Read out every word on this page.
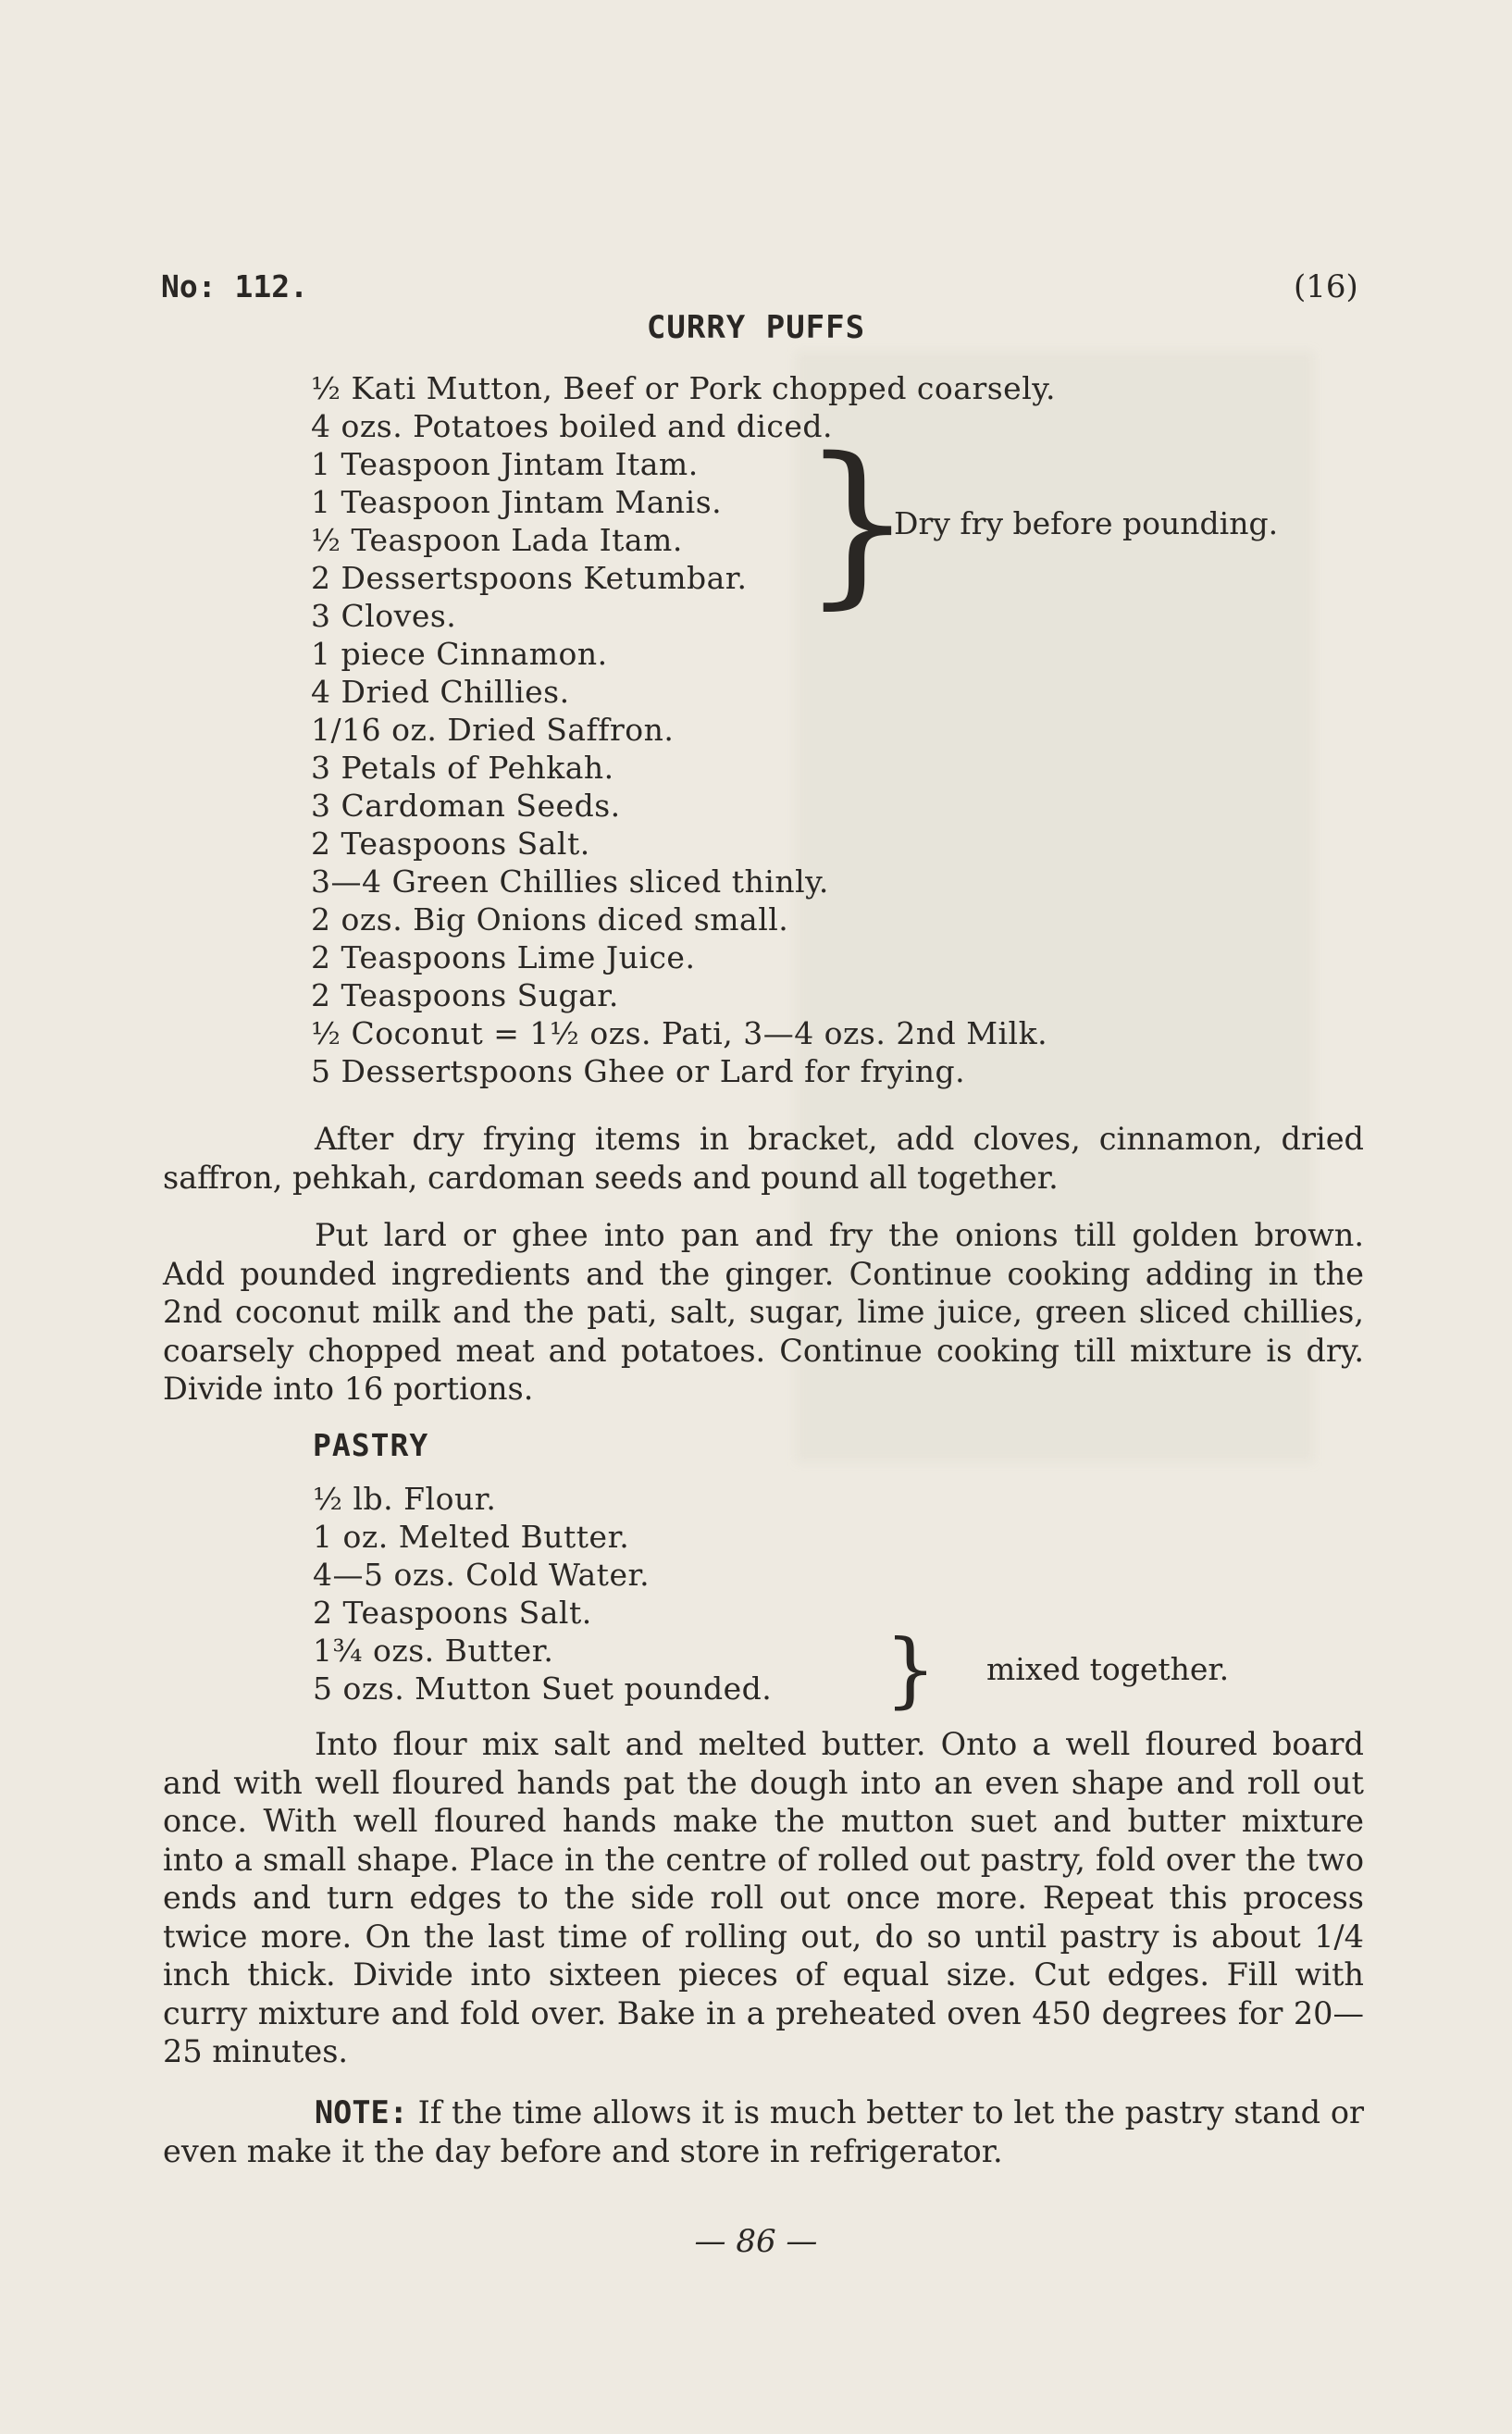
No: 112.	(16)
CURRY PUFFS
½ Kati Mutton, Beef or Pork chopped coarsely.
4 ozs. Potatoes boiled and diced.
1 Teaspoon Jintam Itam.
1 Teaspoon Jintam Manis.
½ Teaspoon Lada Itam.
2 Dessertspoons Ketumbar.
3 Cloves.
1 piece Cinnamon.
4 Dried Chillies.
1/16 oz. Dried Saffron.
3 Petals of Pehkah.
3 Cardoman Seeds.
2 Teaspoons Salt.
3—4 Green Chillies sliced thinly.
2 ozs. Big Onions diced small.
2 Teaspoons Lime Juice.
2 Teaspoons Sugar.
½ Coconut = 1½ ozs. Pati, 3—4 ozs. 2nd Milk.
5 Dessertspoons Ghee or Lard for frying.
}
Dry fry before pounding.
After dry frying items in bracket, add cloves, cinnamon, dried saffron, pehkah, cardoman seeds and pound all together.
Put lard or ghee into pan and fry the onions till golden brown. Add pounded ingredients and the ginger. Continue cooking adding in the 2nd coconut milk and the pati, salt, sugar, lime juice, green sliced chillies, coarsely chopped meat and potatoes. Continue cooking till mixture is dry. Divide into 16 portions.
PASTRY
½ lb. Flour.
1 oz. Melted Butter.
4—5 ozs. Cold Water.
2 Teaspoons Salt.
1¾ ozs. Butter.
5 ozs. Mutton Suet pounded. } mixed together.
Into flour mix salt and melted butter. Onto a well floured board and with well floured hands pat the dough into an even shape and roll out once. With well floured hands make the mutton suet and butter mixture into a small shape. Place in the centre of rolled out pastry, fold over the two ends and turn edges to the side roll out once more. Repeat this process twice more. On the last time of rolling out, do so until pastry is about 1/4 inch thick. Divide into sixteen pieces of equal size. Cut edges. Fill with curry mixture and fold over. Bake in a preheated oven 450 degrees for 20—25 minutes.
NOTE: If the time allows it is much better to let the pastry stand or even make it the day before and store in refrigerator.
— 86 —
